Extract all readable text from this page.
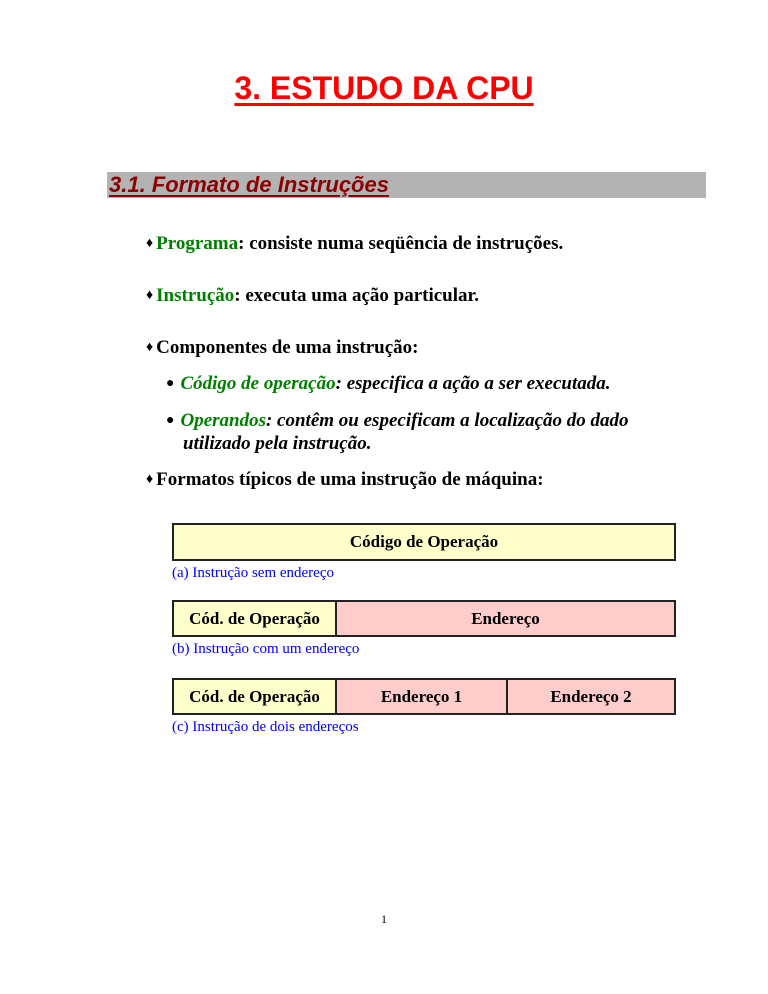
3. ESTUDO DA CPU
3.1. Formato de Instruções
♦ Programa: consiste numa seqüência de instruções.
♦ Instrução: executa uma ação particular.
♦ Componentes de uma instrução:
● Código de operação: especifica a ação a ser executada.
● Operandos: contêm ou especificam a localização do dado
utilizado pela instrução.
♦ Formatos típicos de uma instrução de máquina:
Código de Operação
(a) Instrução sem endereço
Cód. de Operação	Endereço
(b) Instrução com um endereço
Cód. de Operação	Endereço 1	Endereço 2
(c) Instrução de dois endereços
1
